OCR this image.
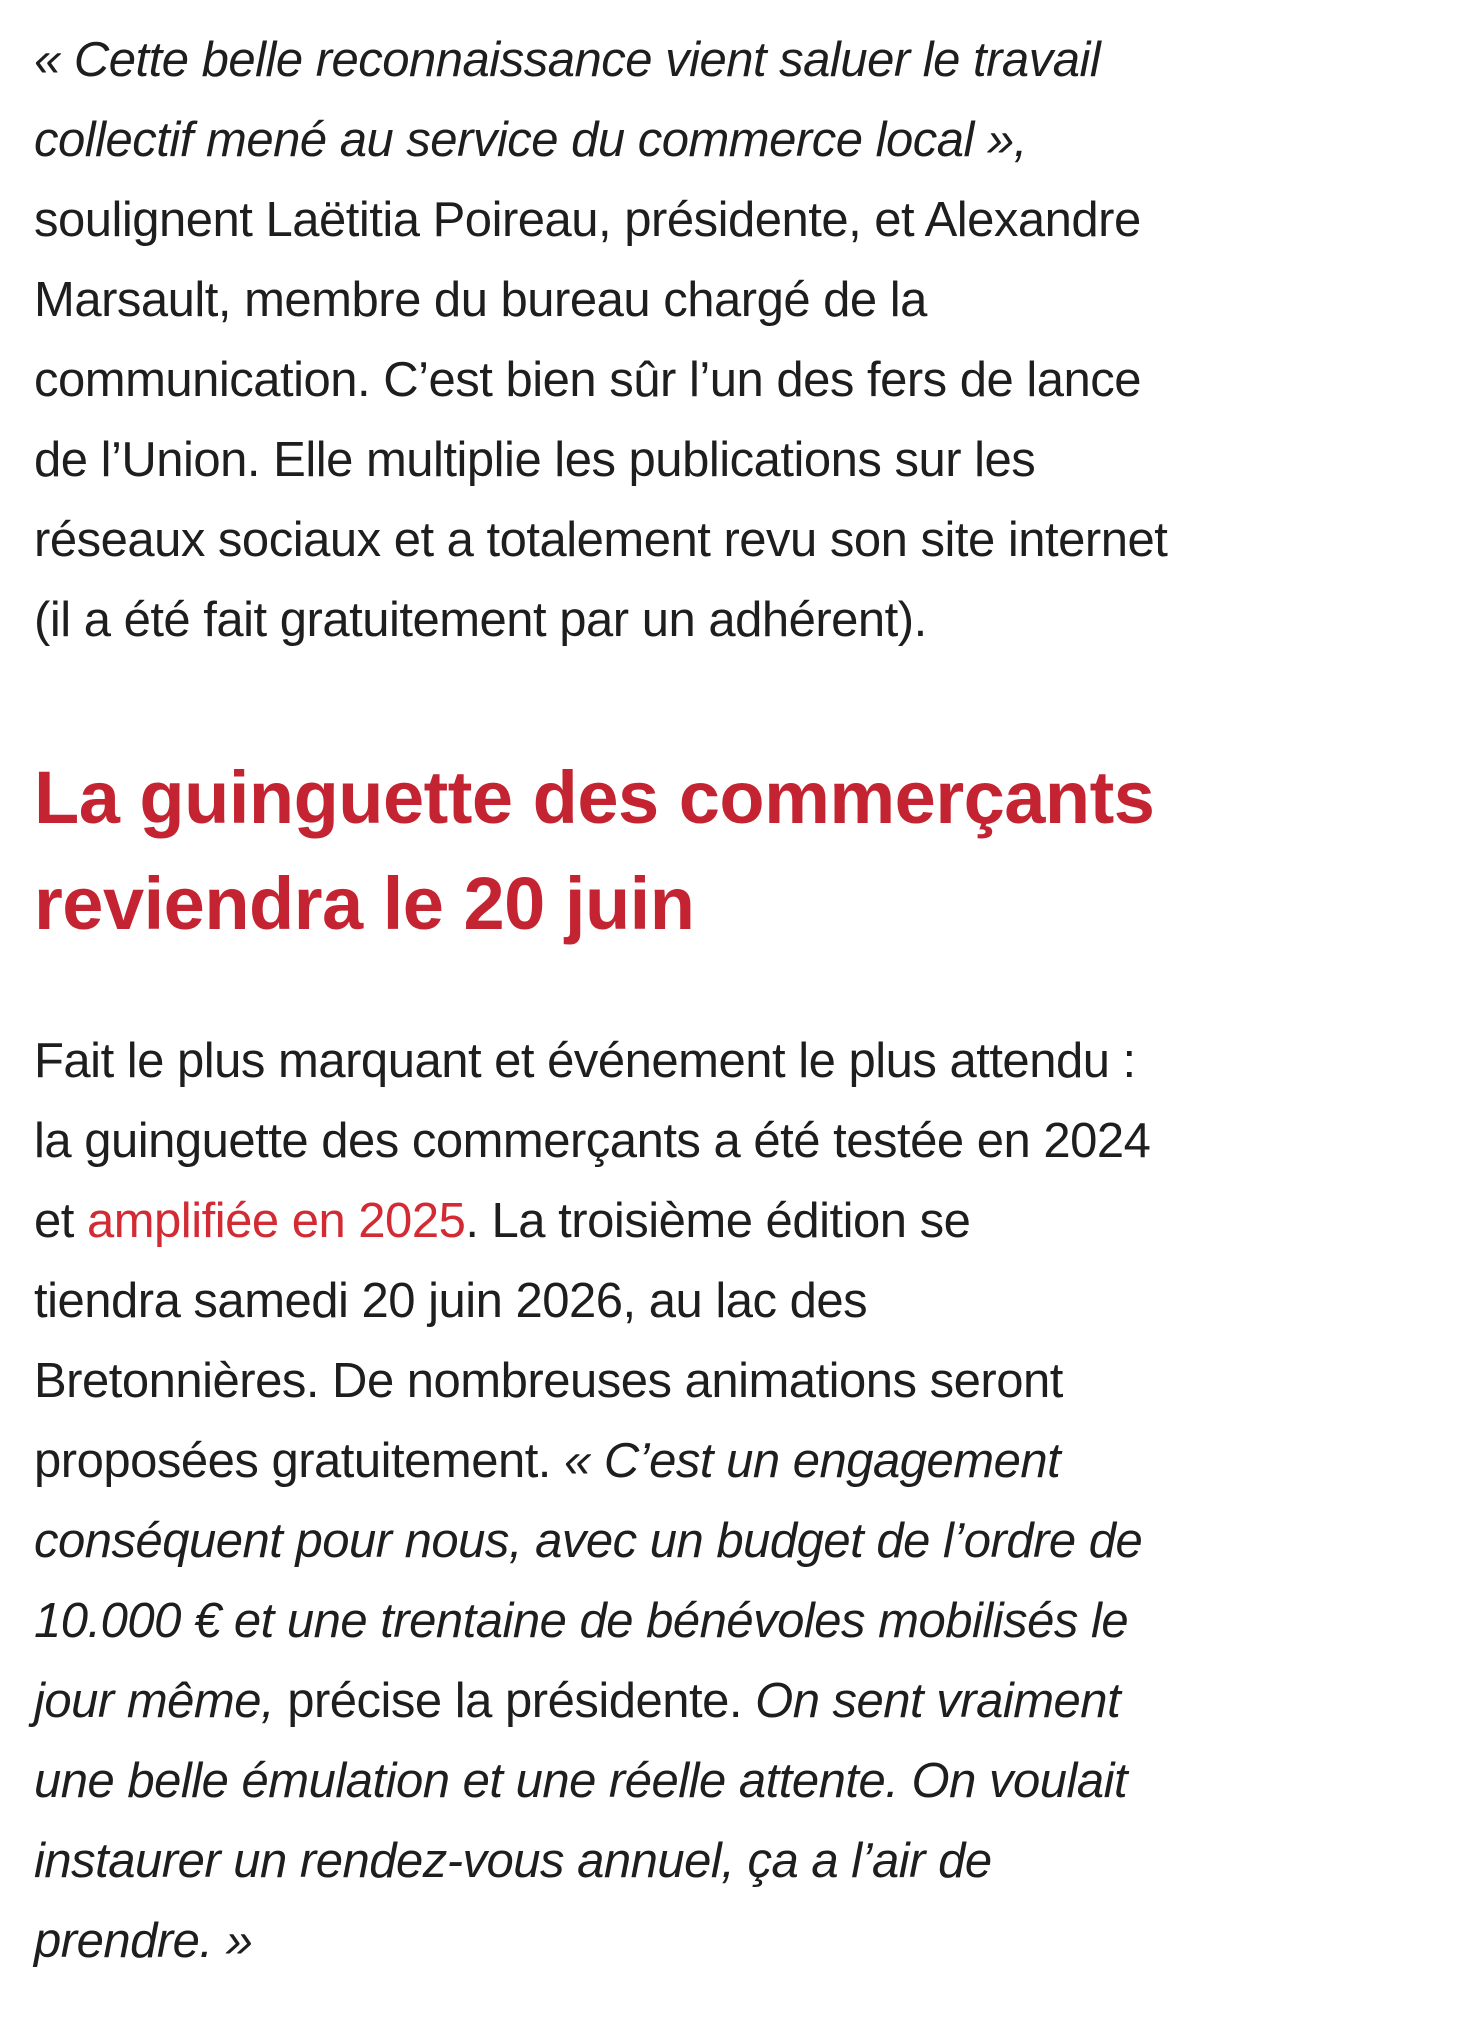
« Cette belle reconnaissance vient saluer le travail
collectif mené au service du commerce local »,
soulignent Laëtitia Poireau, présidente, et Alexandre
Marsault, membre du bureau chargé de la
communication. C’est bien sûr l’un des fers de lance
de l’Union. Elle multiplie les publications sur les
réseaux sociaux et a totalement revu son site internet
(il a été fait gratuitement par un adhérent).
La guinguette des commerçants
reviendra le 20 juin
Fait le plus marquant et événement le plus attendu :
la guinguette des commerçants a été testée en 2024
et amplifiée en 2025. La troisième édition se
tiendra samedi 20 juin 2026, au lac des
Bretonnières. De nombreuses animations seront
proposées gratuitement. « C’est un engagement
conséquent pour nous, avec un budget de l’ordre de
10.000 € et une trentaine de bénévoles mobilisés le
jour même, précise la présidente. On sent vraiment
une belle émulation et une réelle attente. On voulait
instaurer un rendez-vous annuel, ça a l’air de
prendre. »
